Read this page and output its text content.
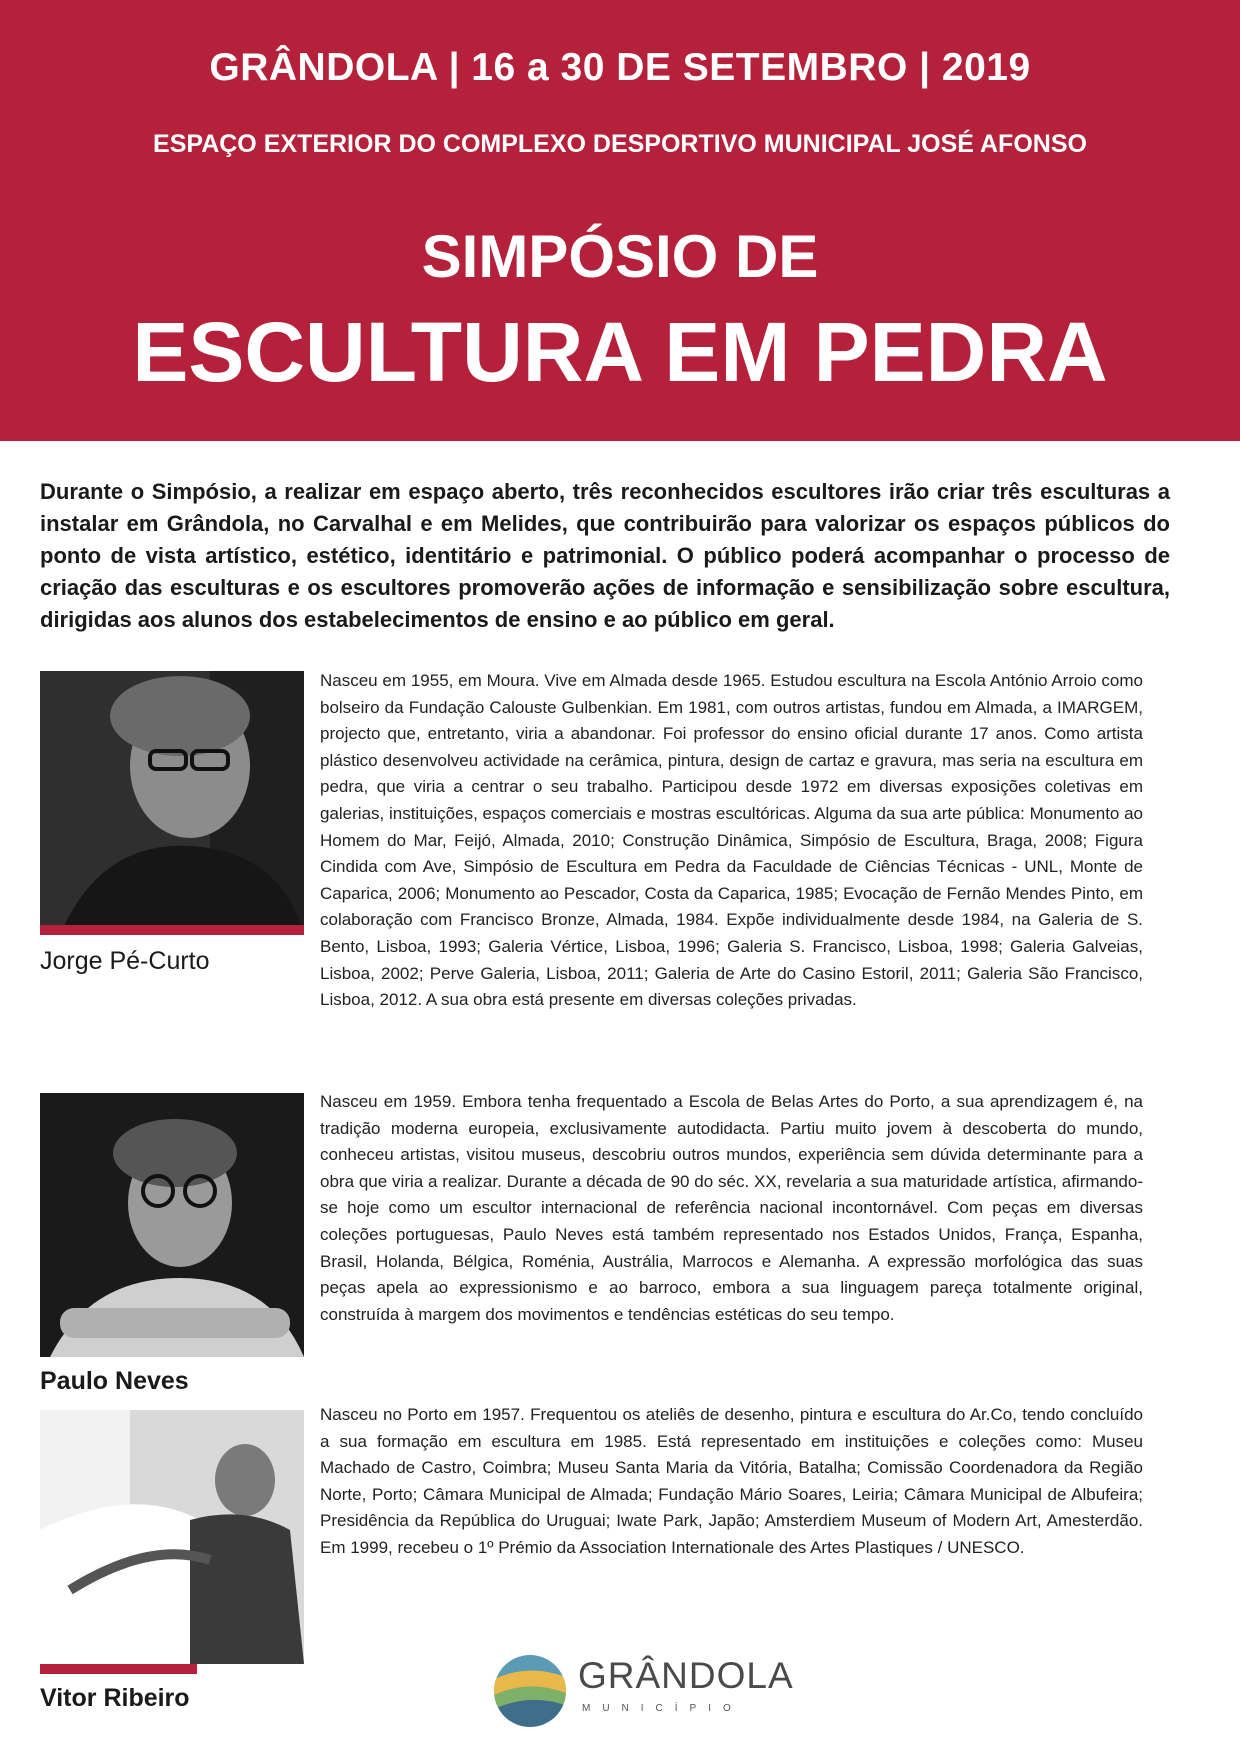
GRÂNDOLA | 16 a 30 DE SETEMBRO | 2019
ESPAÇO EXTERIOR DO COMPLEXO DESPORTIVO MUNICIPAL JOSÉ AFONSO
SIMPÓSIO DE
ESCULTURA EM PEDRA
Durante o Simpósio, a realizar em espaço aberto, três reconhecidos escultores irão criar três esculturas a instalar em Grândola, no Carvalhal e em Melides, que contribuirão para valorizar os espaços públicos do ponto de vista artístico, estético, identitário e patrimonial. O público poderá acompanhar o processo de criação das esculturas e os escultores promoverão ações de informação e sensibilização sobre escultura, dirigidas aos alunos dos estabelecimentos de ensino e ao público em geral.
Jorge Pé-Curto
Nasceu em 1955, em Moura. Vive em Almada desde 1965. Estudou escultura na Escola António Arroio como bolseiro da Fundação Calouste Gulbenkian. Em 1981, com outros artistas, fundou em Almada, a IMARGEM, projecto que, entretanto, viria a abandonar. Foi professor do ensino oficial durante 17 anos. Como artista plástico desenvolveu actividade na cerâmica, pintura, design de cartaz e gravura, mas seria na escultura em pedra, que viria a centrar o seu trabalho. Participou desde 1972 em diversas exposições coletivas em galerias, instituições, espaços comerciais e mostras escultóricas. Alguma da sua arte pública: Monumento ao Homem do Mar, Feijó, Almada, 2010; Construção Dinâmica, Simpósio de Escultura, Braga, 2008; Figura Cindida com Ave, Simpósio de Escultura em Pedra da Faculdade de Ciências Técnicas - UNL, Monte de Caparica, 2006; Monumento ao Pescador, Costa da Caparica, 1985; Evocação de Fernão Mendes Pinto, em colaboração com Francisco Bronze, Almada, 1984. Expõe individualmente desde 1984, na Galeria de S. Bento, Lisboa, 1993; Galeria Vértice, Lisboa, 1996; Galeria S. Francisco, Lisboa, 1998; Galeria Galveias, Lisboa, 2002; Perve Galeria, Lisboa, 2011; Galeria de Arte do Casino Estoril, 2011; Galeria São Francisco, Lisboa, 2012. A sua obra está presente em diversas coleções privadas.
Paulo Neves
Nasceu em 1959. Embora tenha frequentado a Escola de Belas Artes do Porto, a sua aprendizagem é, na tradição moderna europeia, exclusivamente autodidacta. Partiu muito jovem à descoberta do mundo, conheceu artistas, visitou museus, descobriu outros mundos, experiência sem dúvida determinante para a obra que viria a realizar. Durante a década de 90 do séc. XX, revelaria a sua maturidade artística, afirmando-se hoje como um escultor internacional de referência nacional incontornável. Com peças em diversas coleções portuguesas, Paulo Neves está também representado nos Estados Unidos, França, Espanha, Brasil, Holanda, Bélgica, Roménia, Austrália, Marrocos e Alemanha. A expressão morfológica das suas peças apela ao expressionismo e ao barroco, embora a sua linguagem pareça totalmente original, construída à margem dos movimentos e tendências estéticas do seu tempo.
Vitor Ribeiro
Nasceu no Porto em 1957. Frequentou os ateliês de desenho, pintura e escultura do Ar.Co, tendo concluído a sua formação em escultura em 1985. Está representado em instituições e coleções como: Museu Machado de Castro, Coimbra; Museu Santa Maria da Vitória, Batalha; Comissão Coordenadora da Região Norte, Porto; Câmara Municipal de Almada; Fundação Mário Soares, Leiria; Câmara Municipal de Albufeira; Presidência da República do Uruguai; Iwate Park, Japão; Amsterdiem Museum of Modern Art, Amesterdão. Em 1999, recebeu o 1º Prémio da Association Internationale des Artes Plastiques / UNESCO.
GRÂNDOLA
MUNICÍPIO
